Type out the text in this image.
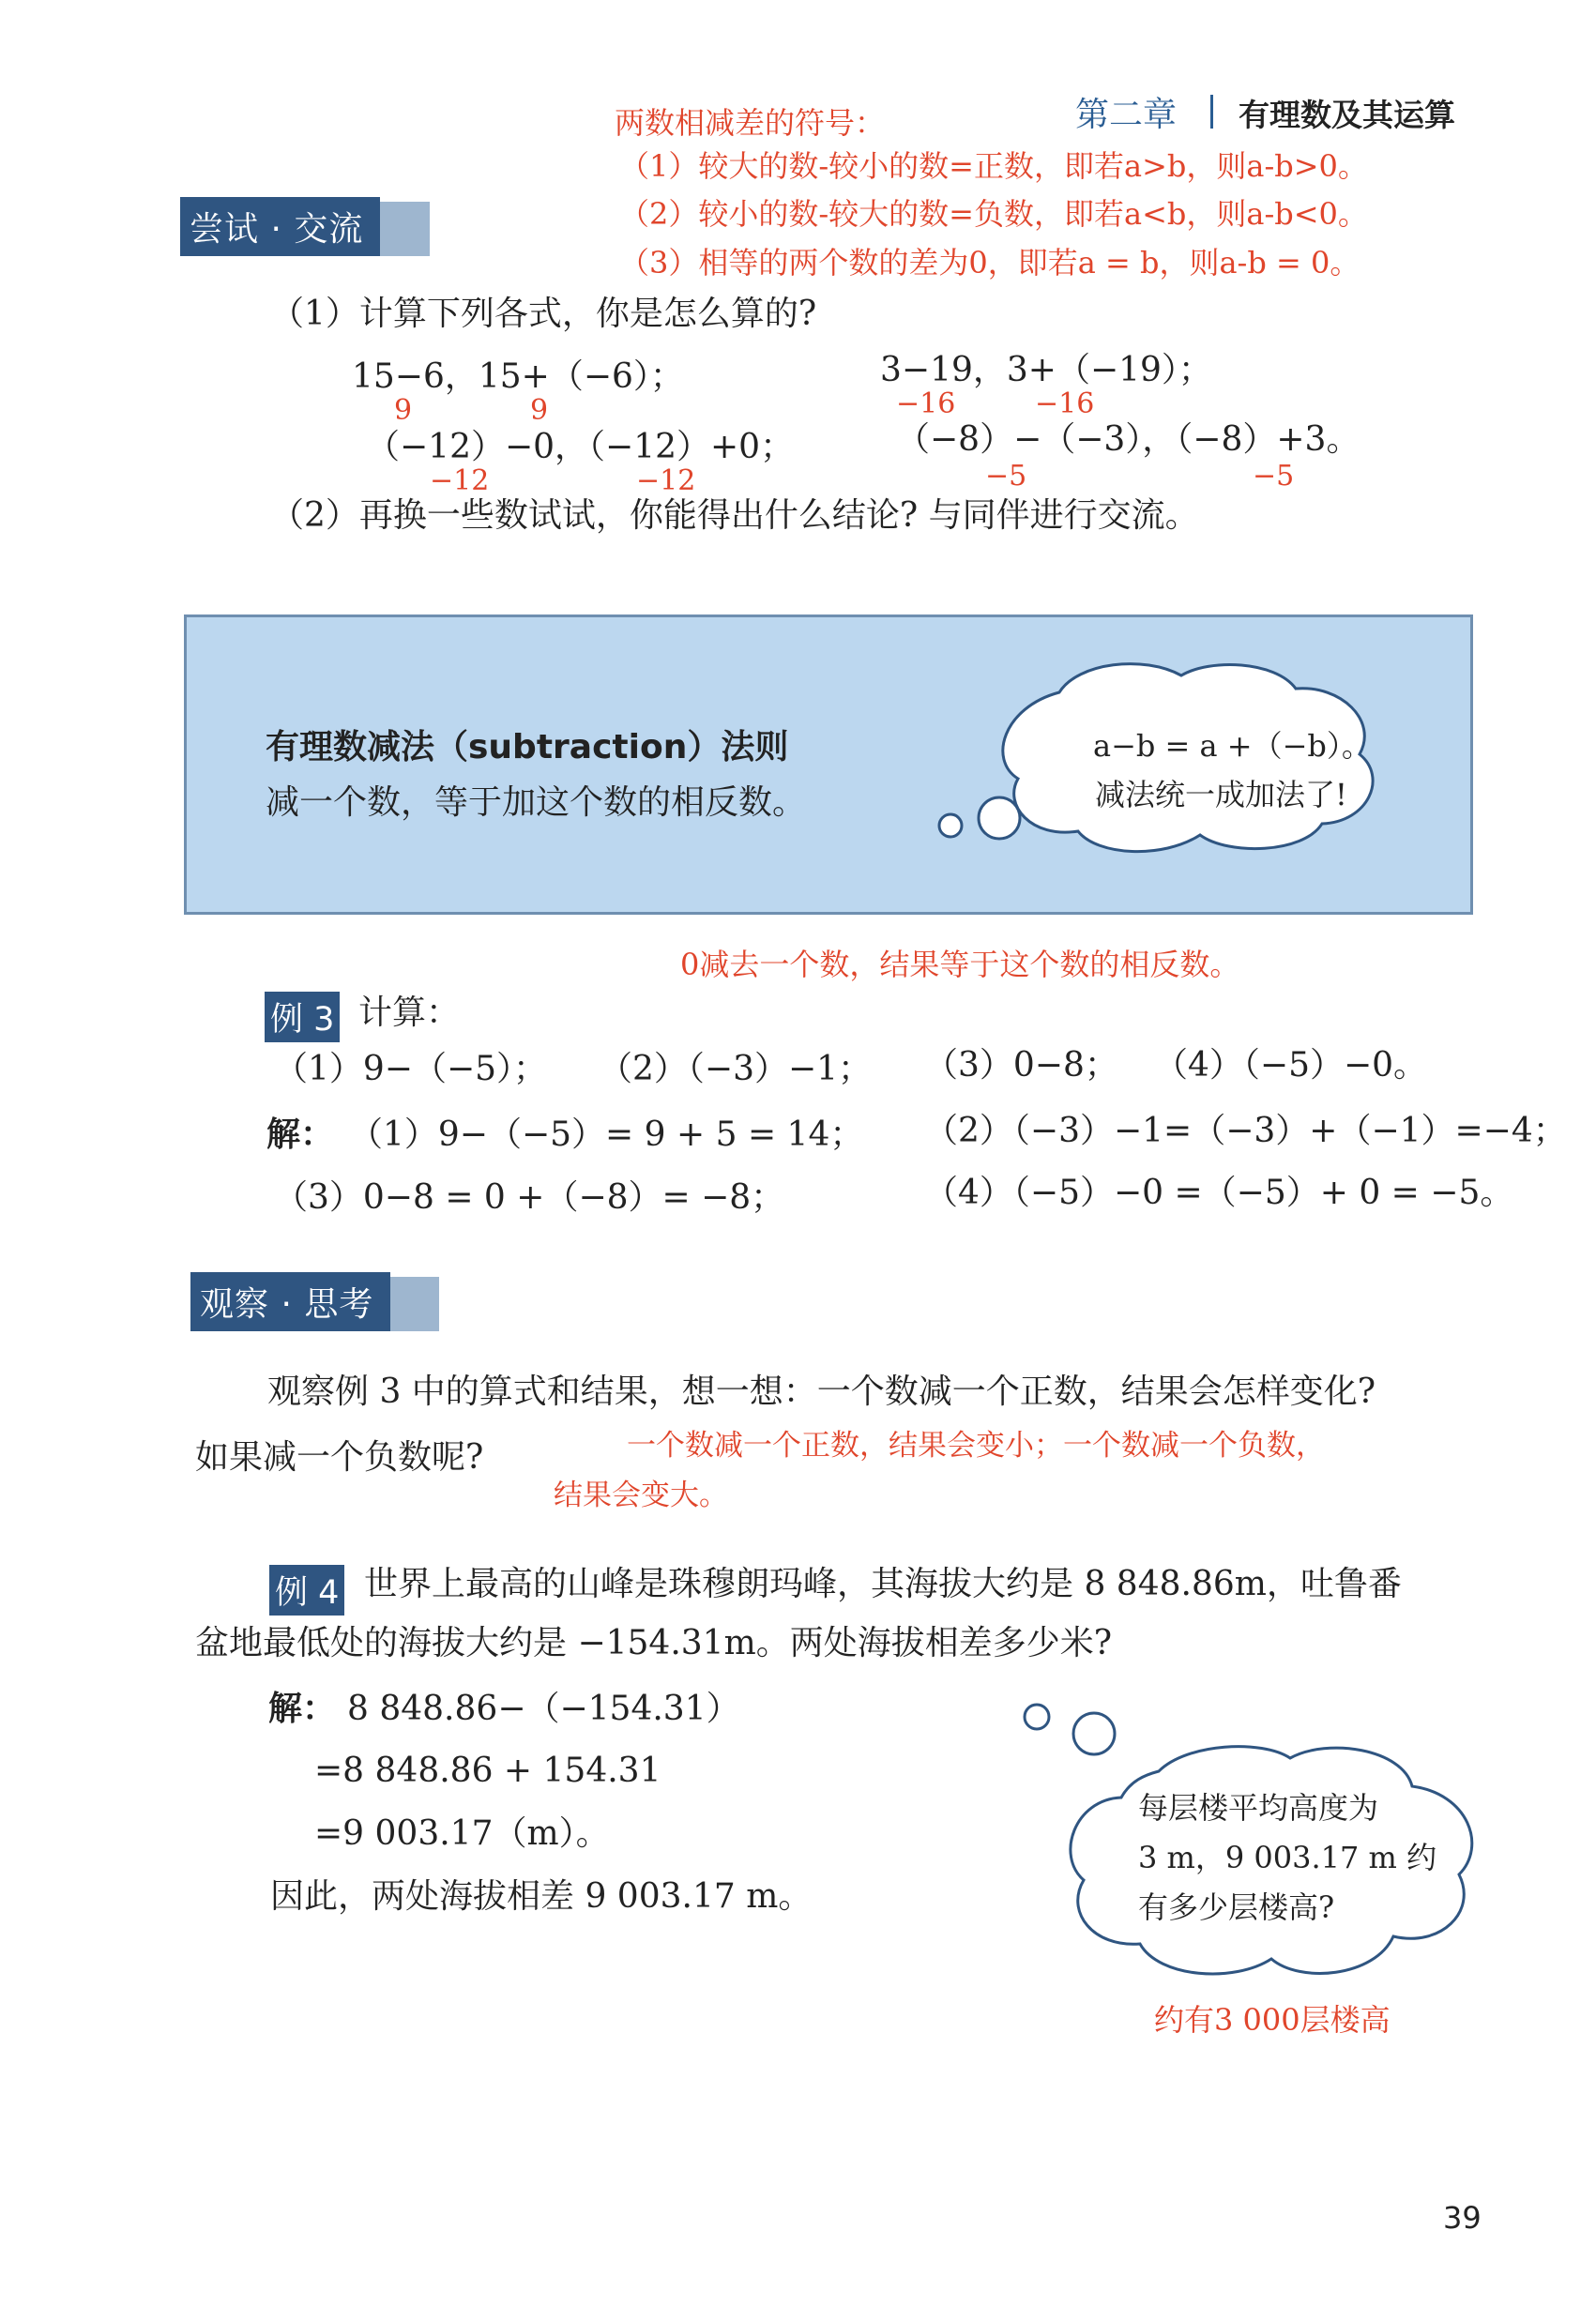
第二章 有理数及其运算
两数相减差的符号：
（1）较大的数-较小的数=正数，即若a>b，则a-b>0。
（2）较小的数-较大的数=负数，即若a<b，则a-b<0。
（3）相等的两个数的差为0，即若a = b，则a-b = 0。
尝试 · 交流
（1）计算下列各式，你是怎么算的?
15−6，15+（−6）；	3−19，3+（−19）；
9	9	−16	−16
（−12）−0，（−12）+0；	（−8）−（−3），（−8）+3。
−12	−12	−5	−5
（2）再换一些数试试，你能得出什么结论? 与同伴进行交流。
有理数减法（subtraction）法则
减一个数，等于加这个数的相反数。
a−b = a +（−b）。
减法统一成加法了!
0减去一个数，结果等于这个数的相反数。
例 3 计算：
（1）9−（−5）； （2）（−3）−1； （3）0−8； （4）（−5）−0。
解： （1）9−（−5）= 9 + 5 = 14； （2）（−3）−1=（−3）+（−1）=−4；
（3）0−8 = 0 +（−8）= −8；	（4）（−5）−0 =（−5）+ 0 = −5。
观察 · 思考
观察例 3 中的算式和结果，想一想：一个数减一个正数，结果会怎样变化?
如果减一个负数呢?	一个数减一个正数，结果会变小；一个数减一个负数，
结果会变大。
例 4 世界上最高的山峰是珠穆朗玛峰，其海拔大约是 8 848.86m，吐鲁番
盆地最低处的海拔大约是 −154.31m。两处海拔相差多少米?
解： 8 848.86−（−154.31）
=8 848.86 + 154.31
=9 003.17（m）。
因此，两处海拔相差 9 003.17 m。
每层楼平均高度为
3 m，9 003.17 m 约
有多少层楼高?
约有3 000层楼高
39
